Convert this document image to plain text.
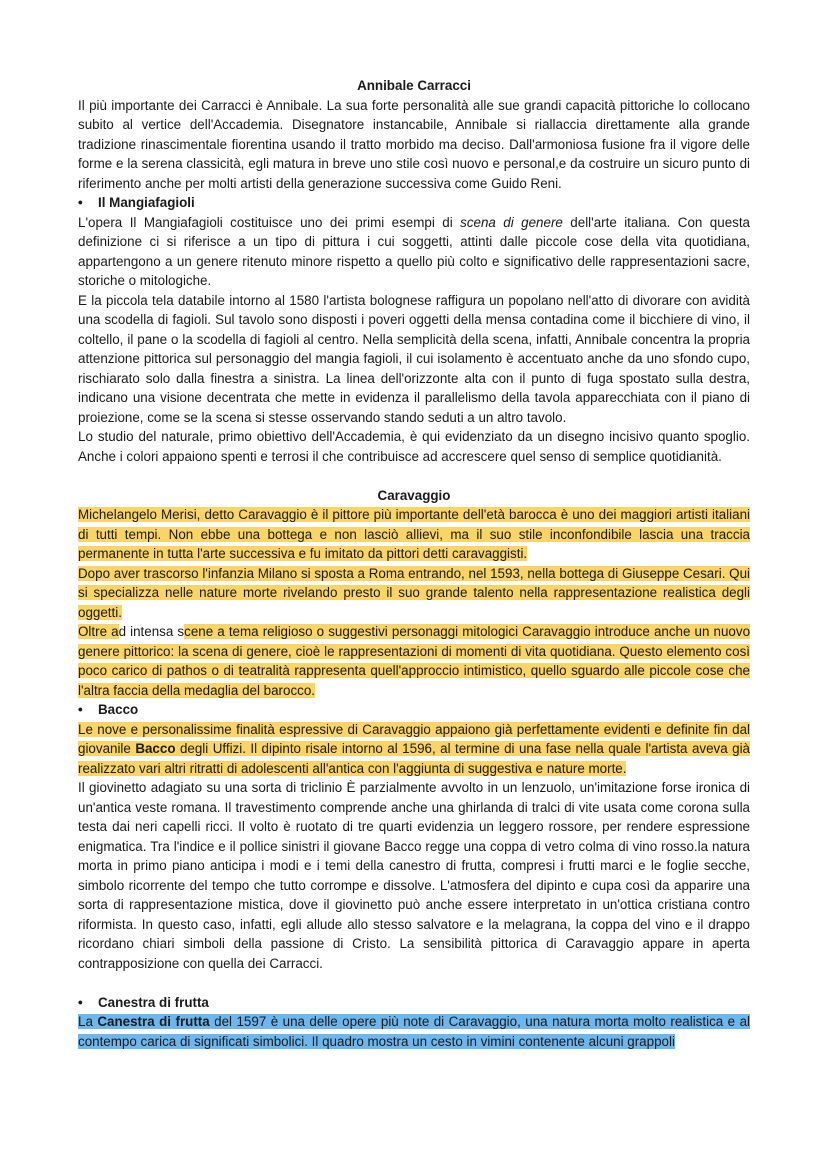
Annibale Carracci

Il più importante dei Carracci è Annibale. La sua forte personalità alle sue grandi capacità pittoriche lo collocano subito al vertice dell'Accademia. Disegnatore instancabile, Annibale si riallaccia direttamente alla grande tradizione rinascimentale fiorentina usando il tratto morbido ma deciso. Dall'armoniosa fusione fra il vigore delle forme e la serena classicità, egli matura in breve uno stile così nuovo e personal,e da costruire un sicuro punto di riferimento anche per molti artisti della generazione successiva come Guido Reni.

•	Il Mangiafagioli

L'opera Il Mangiafagioli costituisce uno dei primi esempi di scena di genere dell'arte italiana. Con questa definizione ci si riferisce a un tipo di pittura i cui soggetti, attinti dalle piccole cose della vita quotidiana, appartengono a un genere ritenuto minore rispetto a quello più colto e significativo delle rappresentazioni sacre, storiche o mitologiche.

E la piccola tela databile intorno al 1580 l'artista bolognese raffigura un popolano nell'atto di divorare con avidità una scodella di fagioli. Sul tavolo sono disposti i poveri oggetti della mensa contadina come il bicchiere di vino, il coltello, il pane o la scodella di fagioli al centro. Nella semplicità della scena, infatti, Annibale concentra la propria attenzione pittorica sul personaggio del mangia fagioli, il cui isolamento è accentuato anche da uno sfondo cupo, rischiarato solo dalla finestra a sinistra. La linea dell'orizzonte alta con il punto di fuga spostato sulla destra, indicano una visione decentrata che mette in evidenza il parallelismo della tavola apparecchiata con il piano di proiezione, come se la scena si stesse osservando stando seduti a un altro tavolo.

Lo studio del naturale, primo obiettivo dell'Accademia, è qui evidenziato da un disegno incisivo quanto spoglio. Anche i colori appaiono spenti e terrosi il che contribuisce ad accrescere quel senso di semplice quotidianità.

Caravaggio

Michelangelo Merisi, detto Caravaggio è il pittore più importante dell'età barocca è uno dei maggiori artisti italiani di tutti tempi. Non ebbe una bottega e non lasciò allievi, ma il suo stile inconfondibile lascia una traccia permanente in tutta l'arte successiva e fu imitato da pittori detti caravaggisti.

Dopo aver trascorso l'infanzia Milano si sposta a Roma entrando, nel 1593, nella bottega di Giuseppe Cesari. Qui si specializza nelle nature morte rivelando presto il suo grande talento nella rappresentazione realistica degli oggetti.

Oltre ad intensa scene a tema religioso o suggestivi personaggi mitologici Caravaggio introduce anche un nuovo genere pittorico: la scena di genere, cioè le rappresentazioni di momenti di vita quotidiana. Questo elemento così poco carico di pathos o di teatralità rappresenta quell'approccio intimistico, quello sguardo alle piccole cose che l'altra faccia della medaglia del barocco.

•	Bacco

Le nove e personalissime finalità espressive di Caravaggio appaiono già perfettamente evidenti e definite fin dal giovanile Bacco degli Uffizi. Il dipinto risale intorno al 1596, al termine di una fase nella quale l'artista aveva già realizzato vari altri ritratti di adolescenti all'antica con l'aggiunta di suggestiva e nature morte.

Il giovinetto adagiato su una sorta di triclinio È parzialmente avvolto in un lenzuolo, un'imitazione forse ironica di un'antica veste romana. Il travestimento comprende anche una ghirlanda di tralci di vite usata come corona sulla testa dai neri capelli ricci. Il volto è ruotato di tre quarti evidenzia un leggero rossore, per rendere espressione enigmatica. Tra l'indice e il pollice sinistri il giovane Bacco regge una coppa di vetro colma di vino rosso.la natura morta in primo piano anticipa i modi e i temi della canestro di frutta, compresi i frutti marci e le foglie secche, simbolo ricorrente del tempo che tutto corrompe e dissolve. L'atmosfera del dipinto e cupa così da apparire una sorta di rappresentazione mistica, dove il giovinetto può anche essere interpretato in un'ottica cristiana contro riformista. In questo caso, infatti, egli allude allo stesso salvatore e la melagrana, la coppa del vino e il drappo ricordano chiari simboli della passione di Cristo. La sensibilità pittorica di Caravaggio appare in aperta contrapposizione con quella dei Carracci.

•	Canestra di frutta

La Canestra di frutta del 1597 è una delle opere più note di Caravaggio, una natura morta molto realistica e al contempo carica di significati simbolici. Il quadro mostra un cesto in vimini contenente alcuni grappoli
